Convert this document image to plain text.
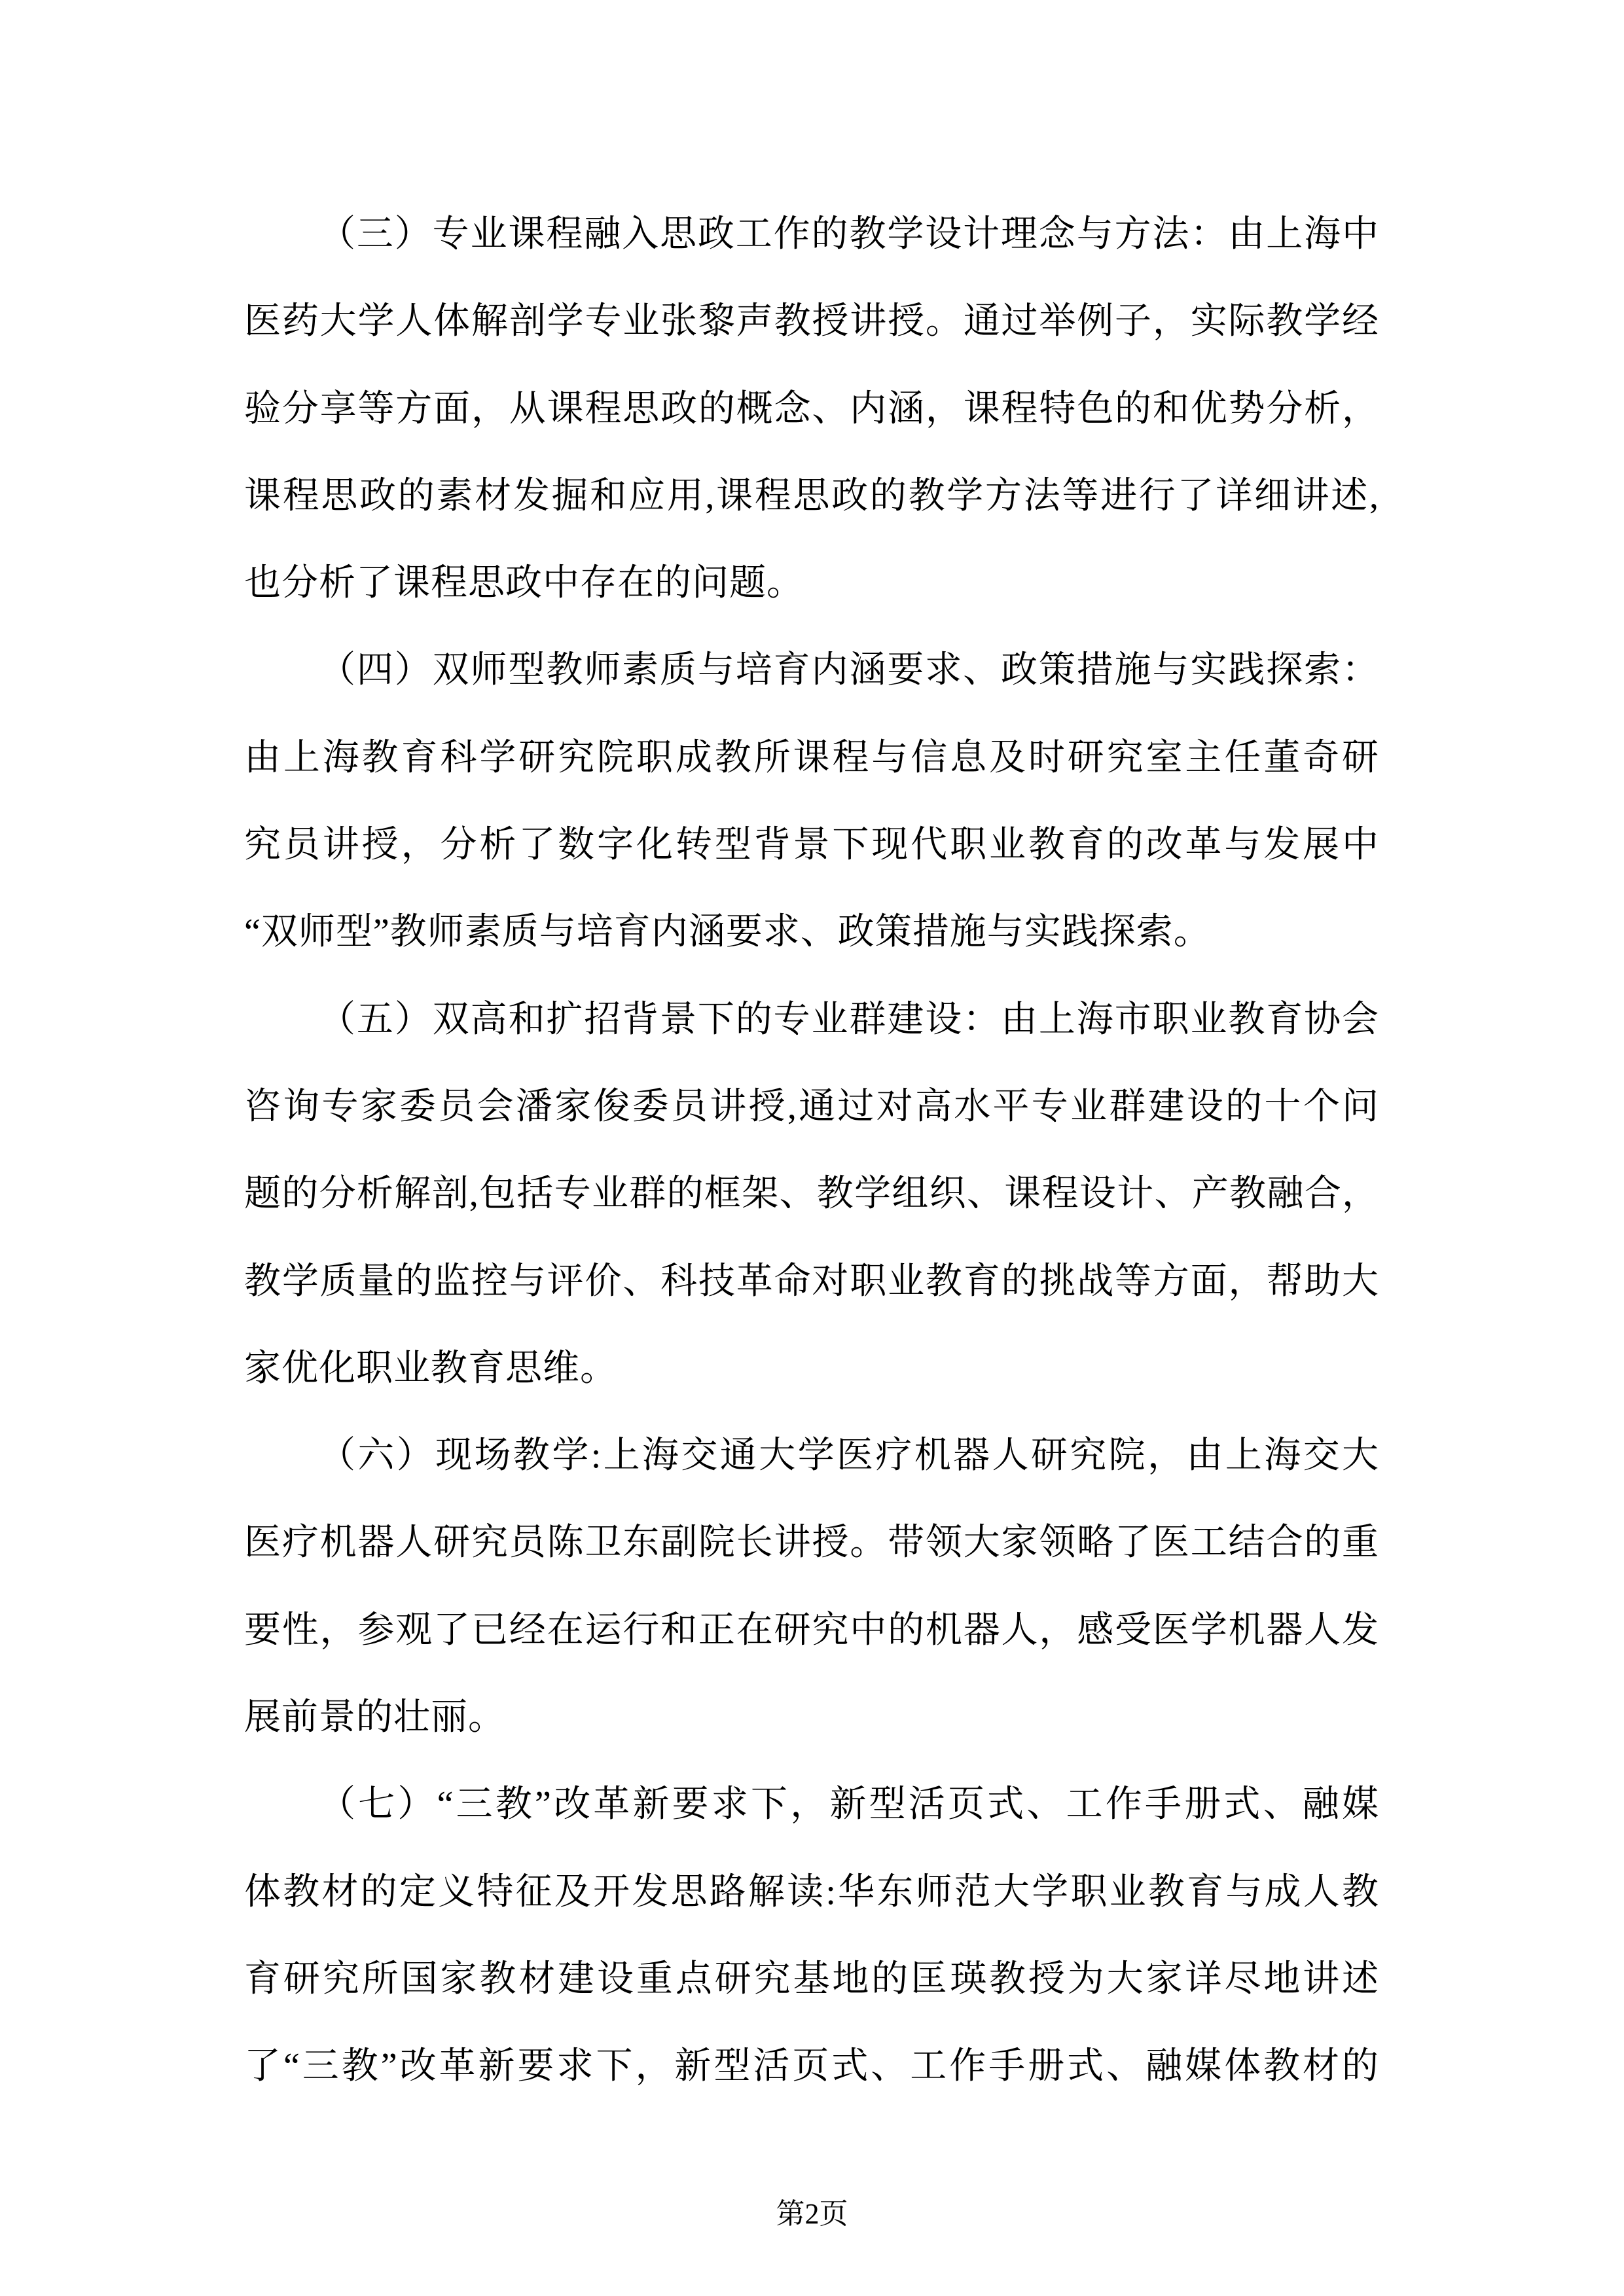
（三）专业课程融入思政工作的教学设计理念与方法：由上海中
医药大学人体解剖学专业张黎声教授讲授。通过举例子，实际教学经
验分享等方面，从课程思政的概念、内涵，课程特色的和优势分析，
课程思政的素材发掘和应用,课程思政的教学方法等进行了详细讲述,
也分析了课程思政中存在的问题。
（四）双师型教师素质与培育内涵要求、政策措施与实践探索：
由上海教育科学研究院职成教所课程与信息及时研究室主任董奇研
究员讲授，分析了数字化转型背景下现代职业教育的改革与发展中
“双师型”教师素质与培育内涵要求、政策措施与实践探索。
（五）双高和扩招背景下的专业群建设：由上海市职业教育协会
咨询专家委员会潘家俊委员讲授,通过对高水平专业群建设的十个问
题的分析解剖,包括专业群的框架、教学组织、课程设计、产教融合，
教学质量的监控与评价、科技革命对职业教育的挑战等方面，帮助大
家优化职业教育思维。
（六）现场教学:上海交通大学医疗机器人研究院，由上海交大
医疗机器人研究员陈卫东副院长讲授。带领大家领略了医工结合的重
要性，参观了已经在运行和正在研究中的机器人，感受医学机器人发
展前景的壮丽。
（七）“三教”改革新要求下，新型活页式、工作手册式、融媒
体教材的定义特征及开发思路解读:华东师范大学职业教育与成人教
育研究所国家教材建设重点研究基地的匡瑛教授为大家详尽地讲述
了“三教”改革新要求下，新型活页式、工作手册式、融媒体教材的
第2页
